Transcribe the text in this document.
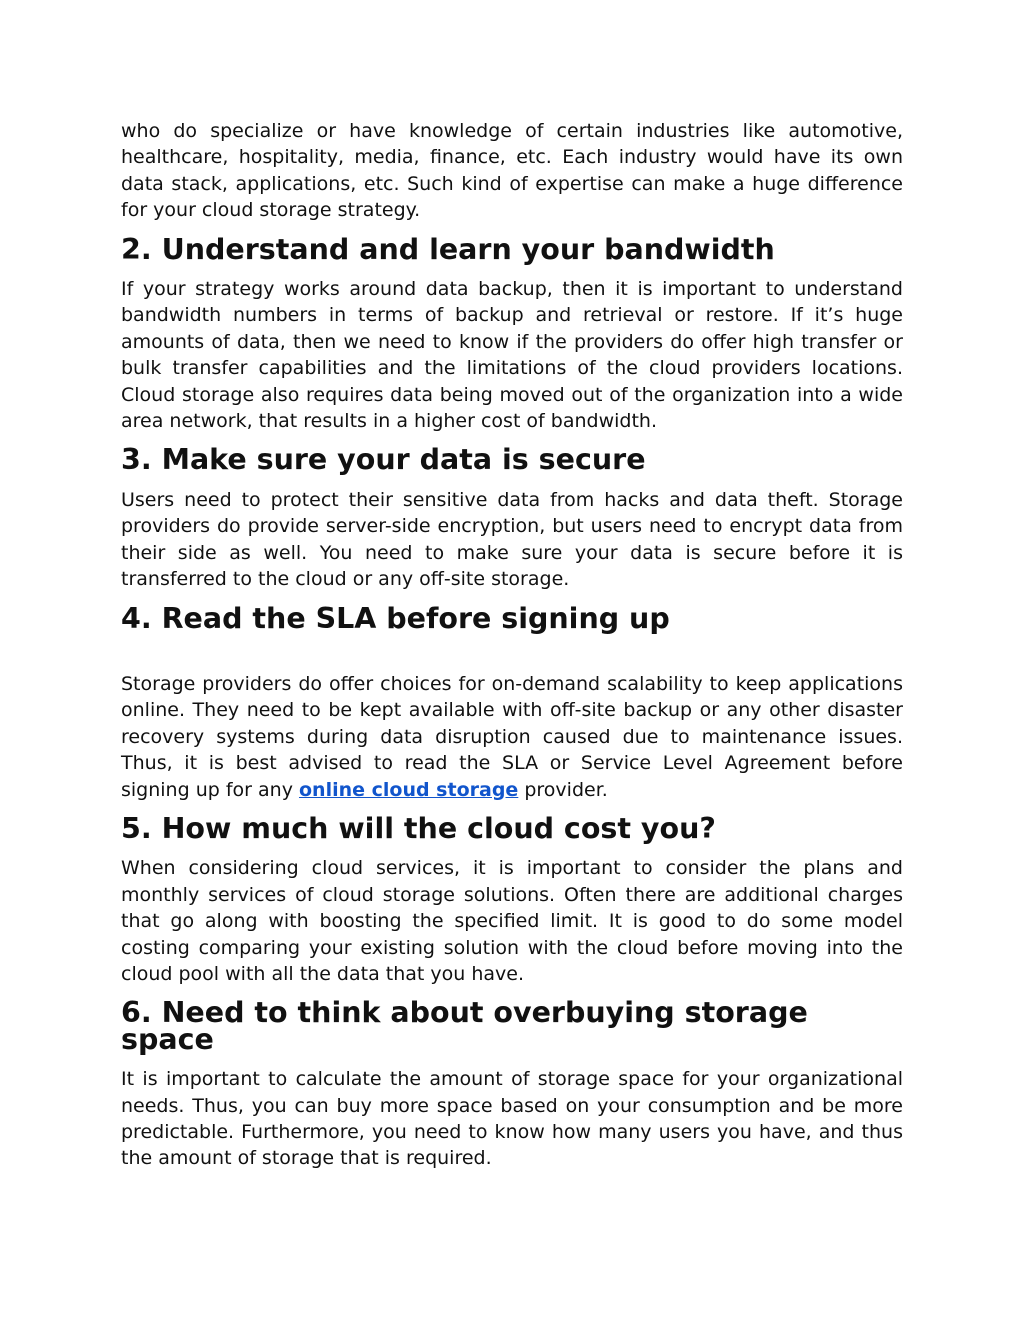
who do specialize or have knowledge of certain industries like automotive, healthcare, hospitality, media, finance, etc. Each industry would have its own data stack, applications, etc. Such kind of expertise can make a huge difference for your cloud storage strategy.

2. Understand and learn your bandwidth

If your strategy works around data backup, then it is important to understand bandwidth numbers in terms of backup and retrieval or restore. If it’s huge amounts of data, then we need to know if the providers do offer high transfer or bulk transfer capabilities and the limitations of the cloud providers locations. Cloud storage also requires data being moved out of the organization into a wide area network, that results in a higher cost of bandwidth.

3. Make sure your data is secure

Users need to protect their sensitive data from hacks and data theft. Storage providers do provide server-side encryption, but users need to encrypt data from their side as well. You need to make sure your data is secure before it is transferred to the cloud or any off-site storage.

4. Read the SLA before signing up

Storage providers do offer choices for on-demand scalability to keep applications online. They need to be kept available with off-site backup or any other disaster recovery systems during data disruption caused due to maintenance issues. Thus, it is best advised to read the SLA or Service Level Agreement before signing up for any online cloud storage provider.

5. How much will the cloud cost you?

When considering cloud services, it is important to consider the plans and monthly services of cloud storage solutions. Often there are additional charges that go along with boosting the specified limit. It is good to do some model costing comparing your existing solution with the cloud before moving into the cloud pool with all the data that you have.

6. Need to think about overbuying storage space

It is important to calculate the amount of storage space for your organizational needs. Thus, you can buy more space based on your consumption and be more predictable. Furthermore, you need to know how many users you have, and thus the amount of storage that is required.
